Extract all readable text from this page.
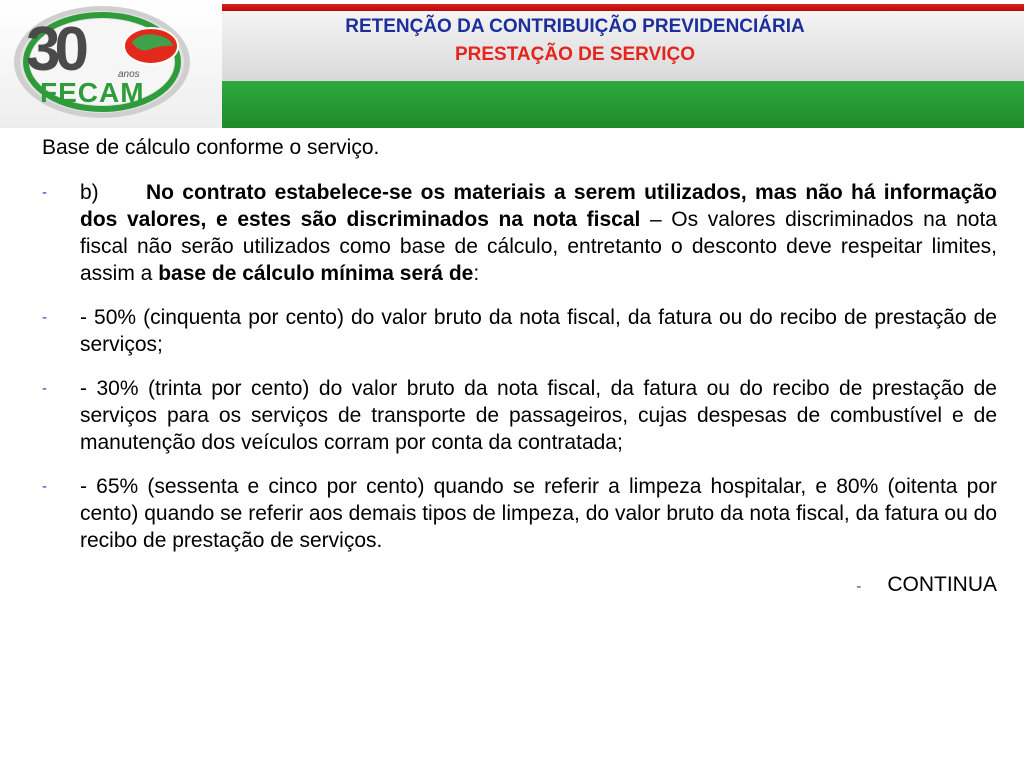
30	anos
FECAM
RETENÇÃO DA CONTRIBUIÇÃO PREVIDENCIÁRIA
PRESTAÇÃO DE SERVIÇO
Base de cálculo conforme o serviço.
- b) No contrato estabelece-se os materiais a serem utilizados, mas não há informação dos valores, e estes são discriminados na nota fiscal – Os valores discriminados na nota fiscal não serão utilizados como base de cálculo, entretanto o desconto deve respeitar limites, assim a base de cálculo mínima será de:
- - 50% (cinquenta por cento) do valor bruto da nota fiscal, da fatura ou do recibo de prestação de serviços;
- - 30% (trinta por cento) do valor bruto da nota fiscal, da fatura ou do recibo de prestação de serviços para os serviços de transporte de passageiros, cujas despesas de combustível e de manutenção dos veículos corram por conta da contratada;
- - 65% (sessenta e cinco por cento) quando se referir a limpeza hospitalar, e 80% (oitenta por cento) quando se referir aos demais tipos de limpeza, do valor bruto da nota fiscal, da fatura ou do recibo de prestação de serviços.
- CONTINUA
